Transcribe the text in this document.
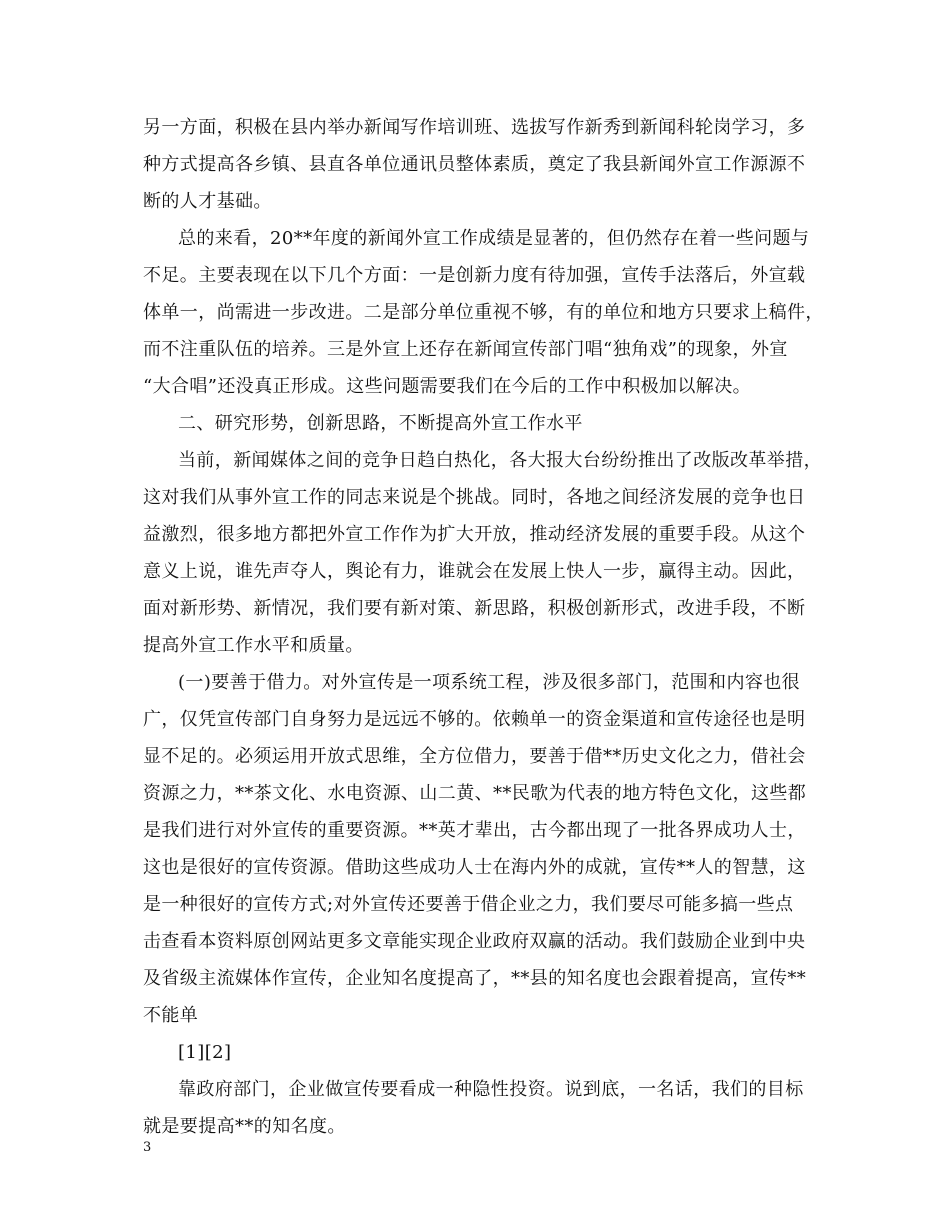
另一方面，积极在县内举办新闻写作培训班、选拔写作新秀到新闻科轮岗学习，多
种方式提高各乡镇、县直各单位通讯员整体素质，奠定了我县新闻外宣工作源源不
断的人才基础。
总的来看，20**年度的新闻外宣工作成绩是显著的，但仍然存在着一些问题与
不足。主要表现在以下几个方面：一是创新力度有待加强，宣传手法落后，外宣载
体单一，尚需进一步改进。二是部分单位重视不够，有的单位和地方只要求上稿件，
而不注重队伍的培养。三是外宣上还存在新闻宣传部门唱“独角戏”的现象，外宣
“大合唱”还没真正形成。这些问题需要我们在今后的工作中积极加以解决。
二、研究形势，创新思路，不断提高外宣工作水平
当前，新闻媒体之间的竞争日趋白热化，各大报大台纷纷推出了改版改革举措，
这对我们从事外宣工作的同志来说是个挑战。同时，各地之间经济发展的竞争也日
益激烈，很多地方都把外宣工作作为扩大开放，推动经济发展的重要手段。从这个
意义上说，谁先声夺人，舆论有力，谁就会在发展上快人一步，赢得主动。因此，
面对新形势、新情况，我们要有新对策、新思路，积极创新形式，改进手段，不断
提高外宣工作水平和质量。
(一)要善于借力。对外宣传是一项系统工程，涉及很多部门，范围和内容也很
广，仅凭宣传部门自身努力是远远不够的。依赖单一的资金渠道和宣传途径也是明
显不足的。必须运用开放式思维，全方位借力，要善于借**历史文化之力，借社会
资源之力，**茶文化、水电资源、山二黄、**民歌为代表的地方特色文化，这些都
是我们进行对外宣传的重要资源。**英才辈出，古今都出现了一批各界成功人士，
这也是很好的宣传资源。借助这些成功人士在海内外的成就，宣传**人的智慧，这
是一种很好的宣传方式;对外宣传还要善于借企业之力，我们要尽可能多搞一些点
击查看本资料原创网站更多文章能实现企业政府双赢的活动。我们鼓励企业到中央
及省级主流媒体作宣传，企业知名度提高了，**县的知名度也会跟着提高，宣传**
不能单
[1][2]
靠政府部门，企业做宣传要看成一种隐性投资。说到底，一名话，我们的目标
就是要提高**的知名度。
3
